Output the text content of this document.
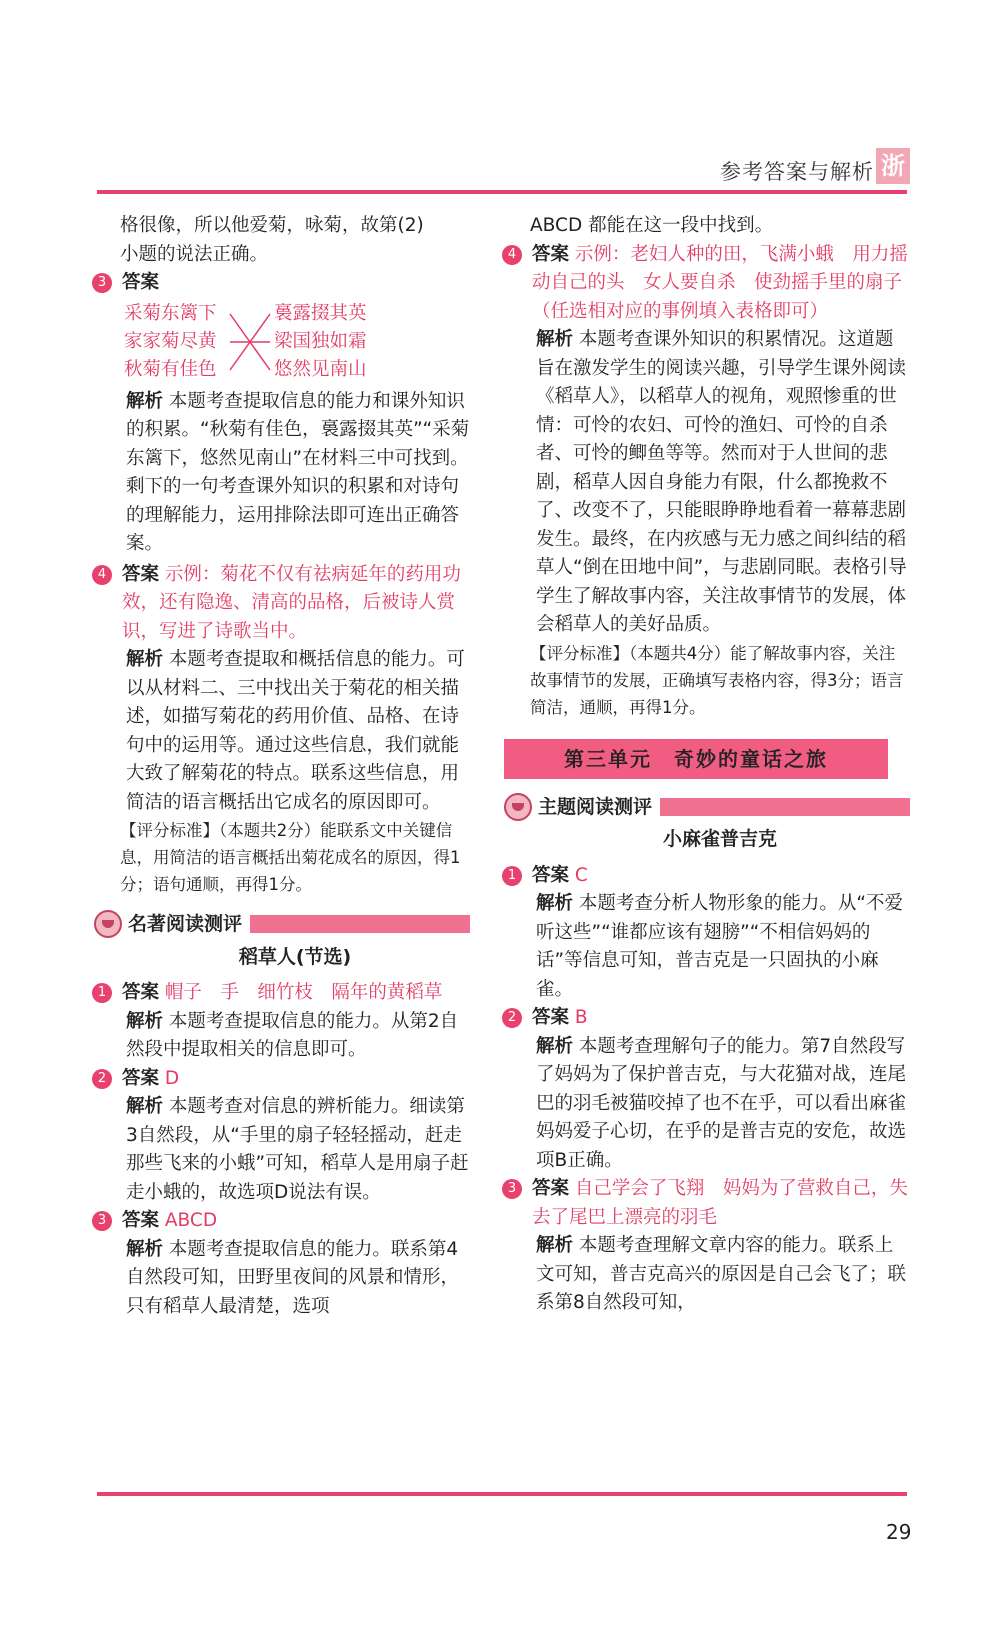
参考答案与解析 浙

格很像，所以他爱菊，咏菊，故第(2)

小题的说法正确。

3 答案
采菊东篱下
家家菊尽黄
秋菊有佳色
裛露掇其英
梁国独如霜
悠然见南山

解析 本题考查提取信息的能力和课外知识的积累。“秋菊有佳色，裛露掇其英”“采菊东篱下，悠然见南山”在材料三中可找到。剩下的一句考查课外知识的积累和对诗句的理解能力，运用排除法即可连出正确答案。

4 答案 示例：菊花不仅有祛病延年的药用功效，还有隐逸、清高的品格，后被诗人赏识，写进了诗歌当中。

解析 本题考查提取和概括信息的能力。可以从材料二、三中找出关于菊花的相关描述，如描写菊花的药用价值、品格、在诗句中的运用等。通过这些信息，我们就能大致了解菊花的特点。联系这些信息，用简洁的语言概括出它成名的原因即可。

【评分标准】（本题共2分）能联系文中关键信息，用简洁的语言概括出菊花成名的原因，得1分；语句通顺，再得1分。

名著阅读测评
稻草人(节选)
1 答案 帽子　手　细竹枝　隔年的黄稻草

解析 本题考查提取信息的能力。从第2自然段中提取相关的信息即可。

2 答案 D

解析 本题考查对信息的辨析能力。细读第3自然段，从“手里的扇子轻轻摇动，赶走那些飞来的小蛾”可知，稻草人是用扇子赶走小蛾的，故选项D说法有误。

3 答案 ABCD

解析 本题考查提取信息的能力。联系第4自然段可知，田野里夜间的风景和情形，只有稻草人最清楚，选项

ABCD 都能在这一段中找到。

4 答案 示例：老妇人种的田，飞满小蛾　用力摇动自己的头　女人要自杀　使劲摇手里的扇子（任选相对应的事例填入表格即可）

解析 本题考查课外知识的积累情况。这道题旨在激发学生的阅读兴趣，引导学生课外阅读《稻草人》，以稻草人的视角，观照惨重的世情：可怜的农妇、可怜的渔妇、可怜的自杀者、可怜的鲫鱼等等。然而对于人世间的悲剧，稻草人因自身能力有限，什么都挽救不了、改变不了，只能眼睁睁地看着一幕幕悲剧发生。最终，在内疚感与无力感之间纠结的稻草人“倒在田地中间”，与悲剧同眠。表格引导学生了解故事内容，关注故事情节的发展，体会稻草人的美好品质。

【评分标准】（本题共4分）能了解故事内容，关注故事情节的发展，正确填写表格内容，得3分；语言简洁，通顺，再得1分。

第三单元　奇妙的童话之旅
主题阅读测评
小麻雀普吉克
1 答案 C

解析 本题考查分析人物形象的能力。从“不爱听这些”“谁都应该有翅膀”“不相信妈妈的话”等信息可知，普吉克是一只固执的小麻雀。

2 答案 B

解析 本题考查理解句子的能力。第7自然段写了妈妈为了保护普吉克，与大花猫对战，连尾巴的羽毛被猫咬掉了也不在乎，可以看出麻雀妈妈爱子心切，在乎的是普吉克的安危，故选项B正确。

3 答案 自己学会了飞翔　妈妈为了营救自己，失去了尾巴上漂亮的羽毛

解析 本题考查理解文章内容的能力。联系上文可知，普吉克高兴的原因是自己会飞了；联系第8自然段可知，

29
